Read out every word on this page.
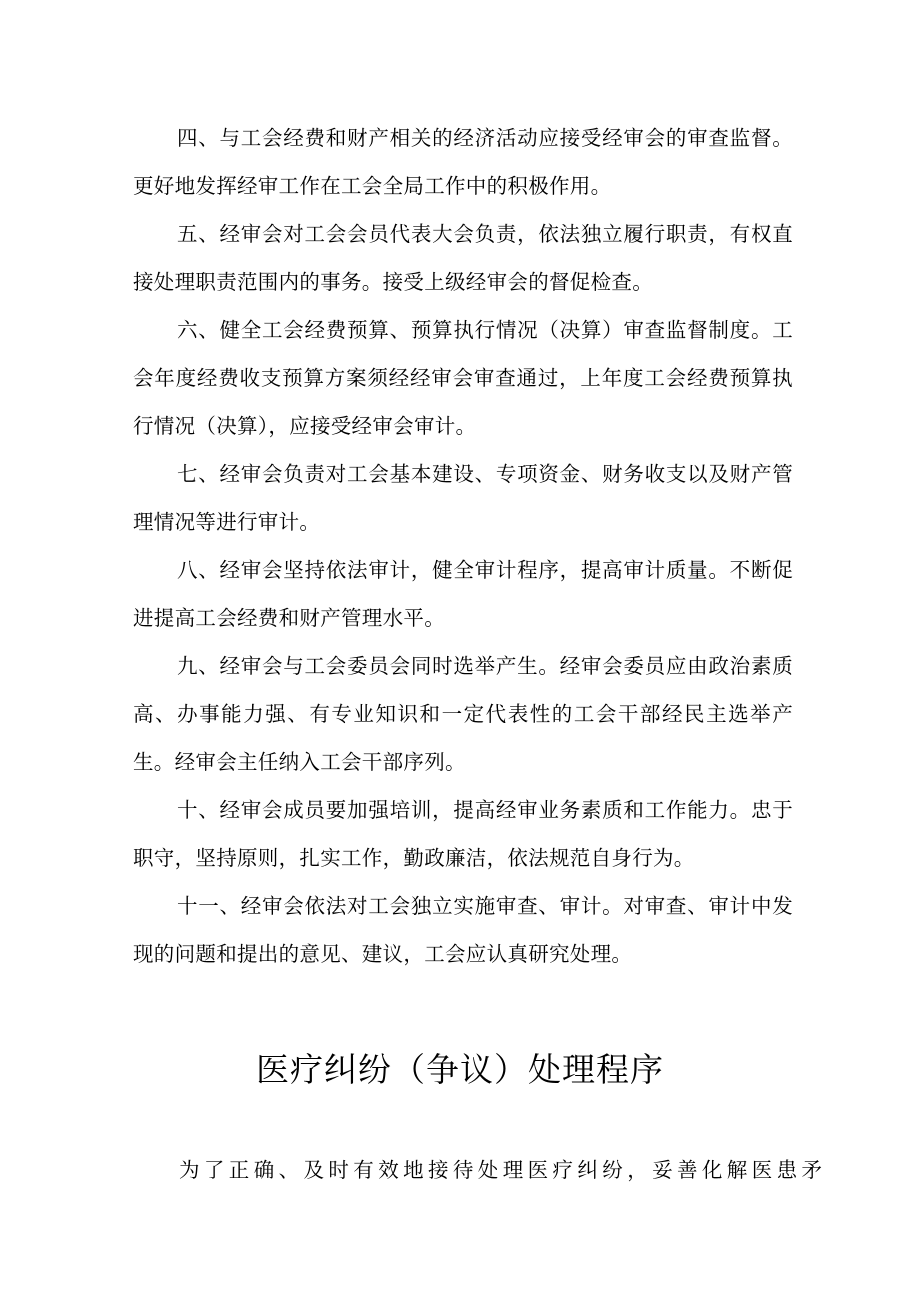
四、与工会经费和财产相关的经济活动应接受经审会的审查监督。更好地发挥经审工作在工会全局工作中的积极作用。

五、经审会对工会会员代表大会负责，依法独立履行职责，有权直接处理职责范围内的事务。接受上级经审会的督促检查。

六、健全工会经费预算、预算执行情况（决算）审查监督制度。工会年度经费收支预算方案须经经审会审查通过，上年度工会经费预算执行情况（决算），应接受经审会审计。

七、经审会负责对工会基本建设、专项资金、财务收支以及财产管理情况等进行审计。

八、经审会坚持依法审计，健全审计程序，提高审计质量。不断促进提高工会经费和财产管理水平。

九、经审会与工会委员会同时选举产生。经审会委员应由政治素质高、办事能力强、有专业知识和一定代表性的工会干部经民主选举产生。经审会主任纳入工会干部序列。

十、经审会成员要加强培训，提高经审业务素质和工作能力。忠于职守，坚持原则，扎实工作，勤政廉洁，依法规范自身行为。

十一、经审会依法对工会独立实施审查、审计。对审查、审计中发现的问题和提出的意见、建议，工会应认真研究处理。

医疗纠纷（争议）处理程序

为了正确、及时有效地接待处理医疗纠纷，妥善化解医患矛
